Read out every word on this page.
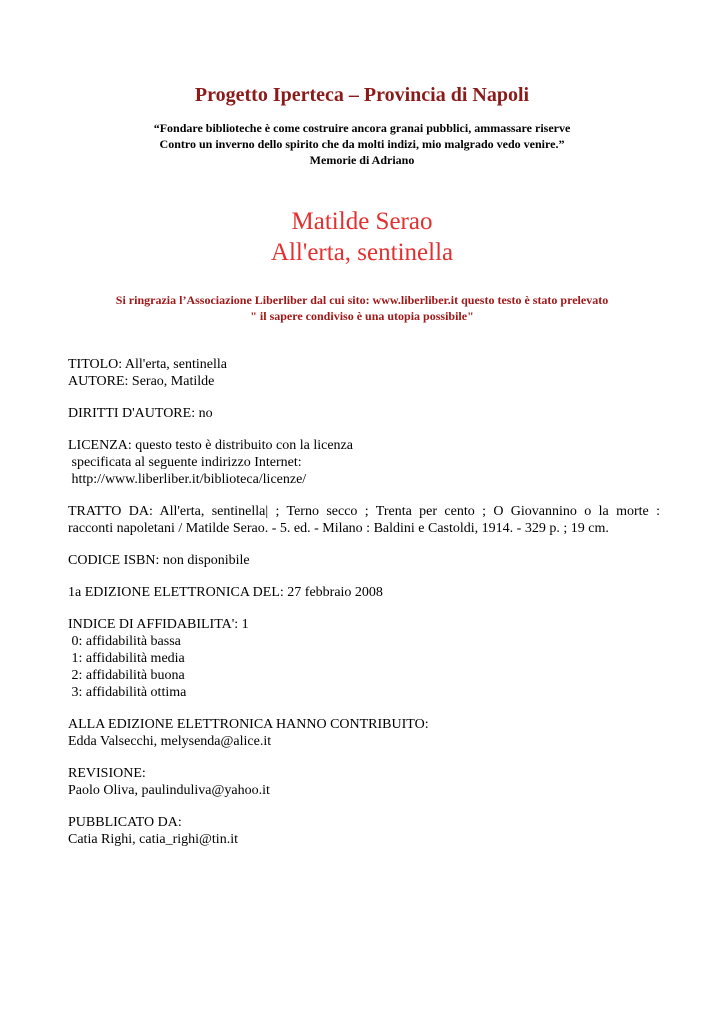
Progetto Iperteca – Provincia di Napoli
“Fondare biblioteche è come costruire ancora granai pubblici, ammassare riserve
Contro un inverno dello spirito che da molti indizi, mio malgrado vedo venire.”
Memorie di Adriano
Matilde Serao
All'erta, sentinella
Si ringrazia l’Associazione Liberliber dal cui sito: www.liberliber.it questo testo è stato prelevato
" il sapere condiviso è una utopia possibile"
TITOLO: All'erta, sentinella
AUTORE: Serao, Matilde
DIRITTI D'AUTORE: no
LICENZA: questo testo è distribuito con la licenza
specificata al seguente indirizzo Internet:
http://www.liberliber.it/biblioteca/licenze/
TRATTO DA: All'erta, sentinella| ; Terno secco ; Trenta per cento ; O Giovannino o la morte :
racconti napoletani / Matilde Serao. - 5. ed. - Milano : Baldini e Castoldi, 1914. - 329 p. ; 19 cm.
CODICE ISBN: non disponibile
1a EDIZIONE ELETTRONICA DEL: 27 febbraio 2008
INDICE DI AFFIDABILITA': 1
0: affidabilità bassa
1: affidabilità media
2: affidabilità buona
3: affidabilità ottima
ALLA EDIZIONE ELETTRONICA HANNO CONTRIBUITO:
Edda Valsecchi, melysenda@alice.it
REVISIONE:
Paolo Oliva, paulinduliva@yahoo.it
PUBBLICATO DA:
Catia Righi, catia_righi@tin.it
